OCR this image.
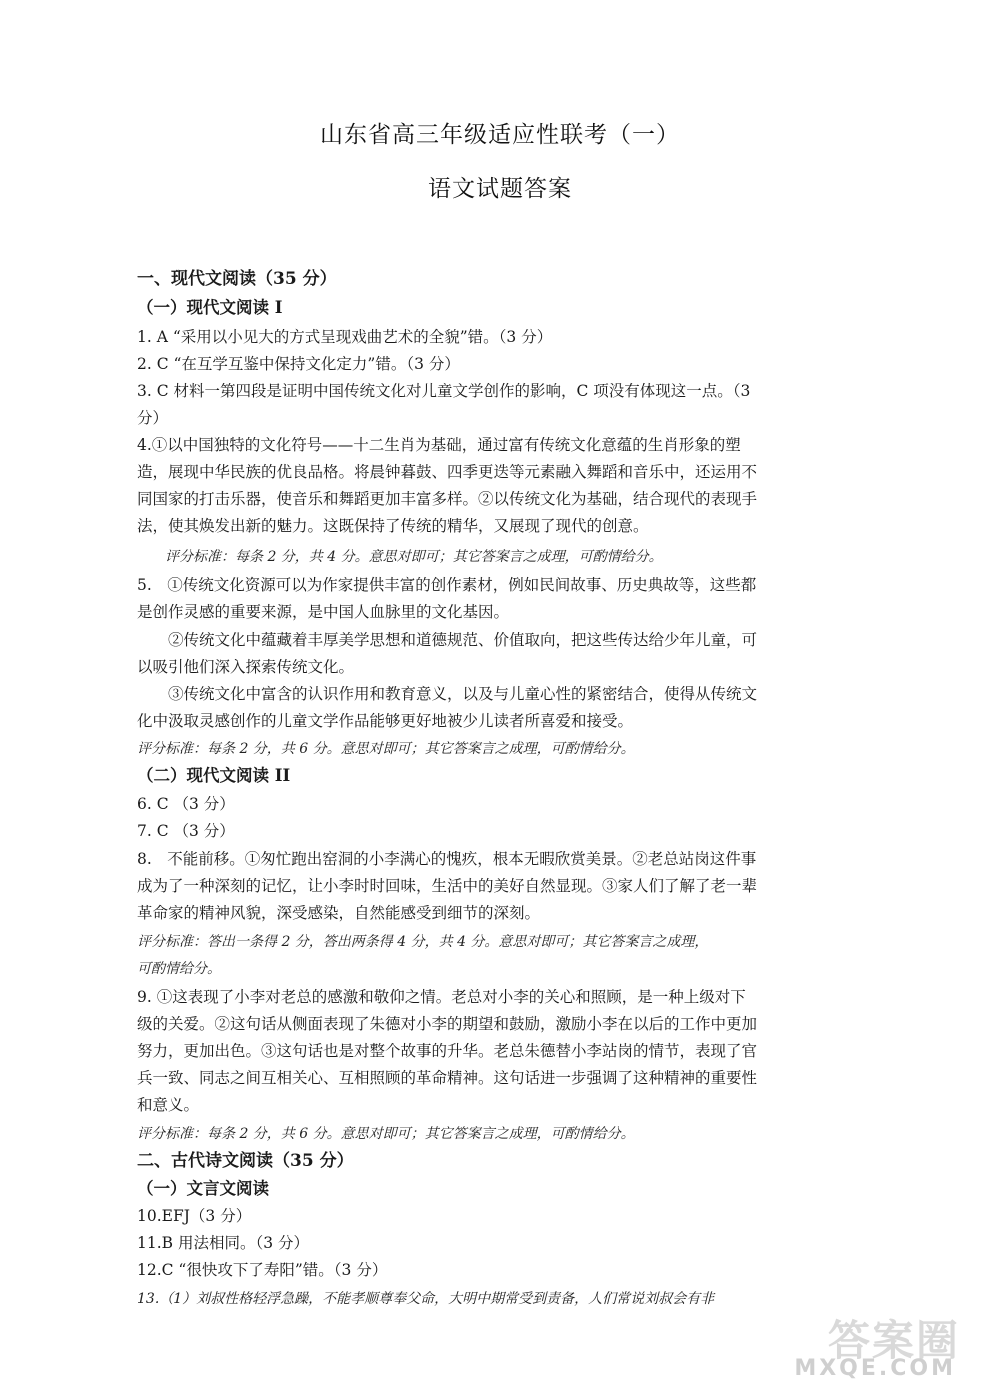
山东省高三年级适应性联考（一）
语文试题答案
一、现代文阅读（35 分）
（一）现代文阅读 I
1. A “采用以小见大的方式呈现戏曲艺术的全貌”错。（3 分）
2. C “在互学互鉴中保持文化定力”错。（3 分）
3. C 材料一第四段是证明中国传统文化对儿童文学创作的影响，C 项没有体现这一点。（3
分）
4.①以中国独特的文化符号——十二生肖为基础，通过富有传统文化意蕴的生肖形象的塑
造，展现中华民族的优良品格。将晨钟暮鼓、四季更迭等元素融入舞蹈和音乐中，还运用不
同国家的打击乐器，使音乐和舞蹈更加丰富多样。②以传统文化为基础，结合现代的表现手
法，使其焕发出新的魅力。这既保持了传统的精华，又展现了现代的创意。
　　评分标准：每条 2 分，共 4 分。意思对即可；其它答案言之成理，可酌情给分。
5.　①传统文化资源可以为作家提供丰富的创作素材，例如民间故事、历史典故等，这些都
是创作灵感的重要来源，是中国人血脉里的文化基因。
　　②传统文化中蕴藏着丰厚美学思想和道德规范、价值取向，把这些传达给少年儿童，可
以吸引他们深入探索传统文化。
　　③传统文化中富含的认识作用和教育意义，以及与儿童心性的紧密结合，使得从传统文
化中汲取灵感创作的儿童文学作品能够更好地被少儿读者所喜爱和接受。
评分标准：每条 2 分，共 6 分。意思对即可；其它答案言之成理，可酌情给分。
（二）现代文阅读 II
6. C （3 分）
7. C （3 分）
8.　不能前移。①匆忙跑出窑洞的小李满心的愧疚，根本无暇欣赏美景。②老总站岗这件事
成为了一种深刻的记忆，让小李时时回味，生活中的美好自然显现。③家人们了解了老一辈
革命家的精神风貌，深受感染，自然能感受到细节的深刻。
评分标准：答出一条得 2 分，答出两条得 4 分，共 4 分。意思对即可；其它答案言之成理，
可酌情给分。
9. ①这表现了小李对老总的感激和敬仰之情。老总对小李的关心和照顾，是一种上级对下
级的关爱。②这句话从侧面表现了朱德对小李的期望和鼓励，激励小李在以后的工作中更加
努力，更加出色。③这句话也是对整个故事的升华。老总朱德替小李站岗的情节，表现了官
兵一致、同志之间互相关心、互相照顾的革命精神。这句话进一步强调了这种精神的重要性
和意义。
评分标准：每条 2 分，共 6 分。意思对即可；其它答案言之成理，可酌情给分。
二、古代诗文阅读（35 分）
（一）文言文阅读
10.EFJ（3 分）
11.B 用法相同。（3 分）
12.C “很快攻下了寿阳”错。（3 分）
13.（1）刘叔性格轻浮急躁，不能孝顺尊奉父命，大明中期常受到责备，人们常说刘叔会有非
答案圈
MXQE.COM
